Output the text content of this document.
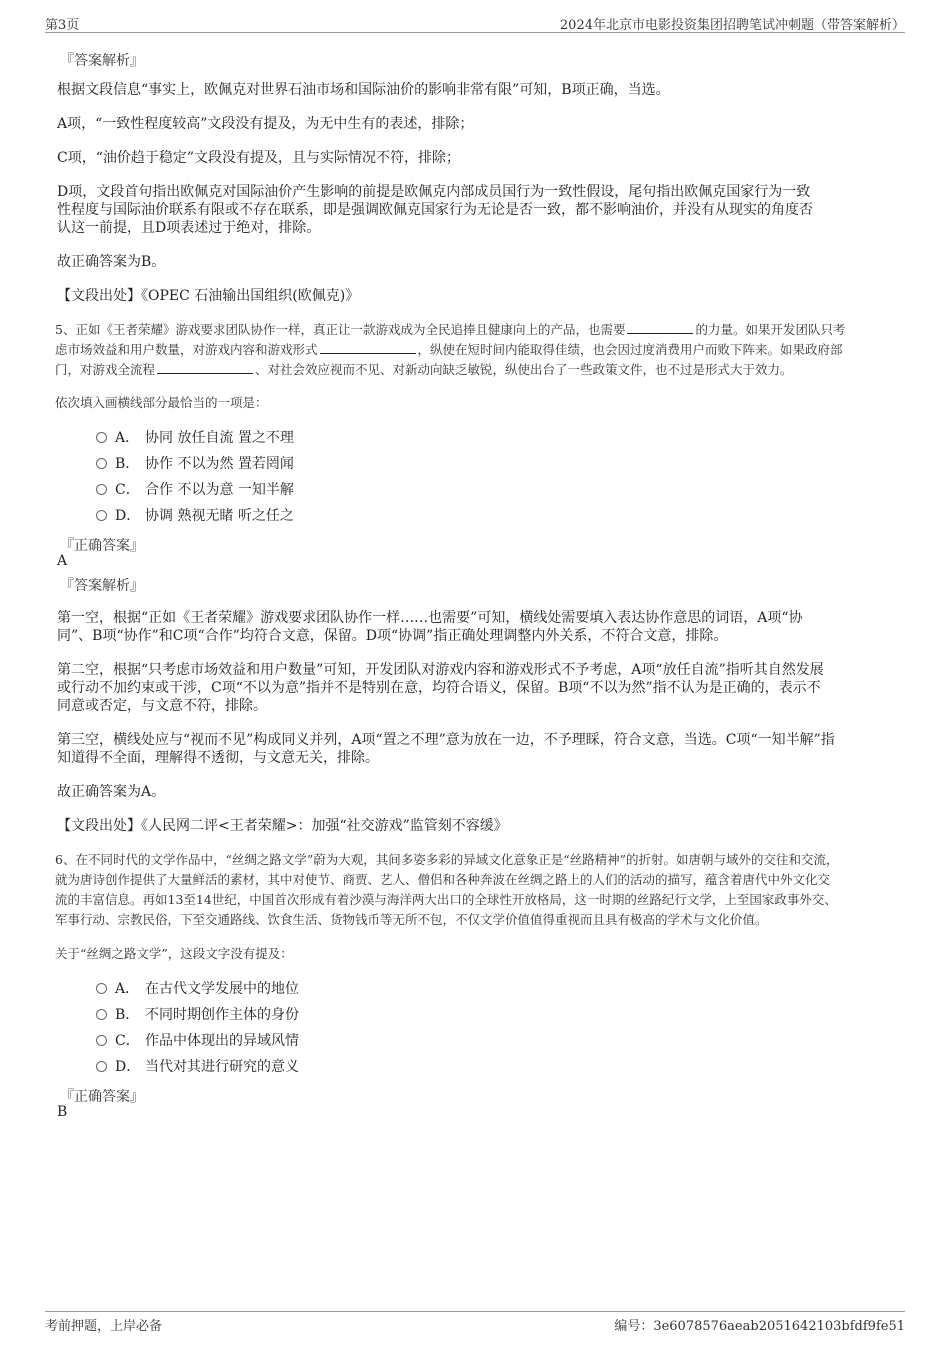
第3页	2024年北京市电影投资集团招聘笔试冲刺题（带答案解析）
『答案解析』
根据文段信息“事实上，欧佩克对世界石油市场和国际油价的影响非常有限”可知，B项正确，当选。
A项，“一致性程度较高”文段没有提及，为无中生有的表述，排除；
C项，“油价趋于稳定”文段没有提及，且与实际情况不符，排除；
D项，文段首句指出欧佩克对国际油价产生影响的前提是欧佩克内部成员国行为一致性假设，尾句指出欧佩克国家行为一致
性程度与国际油价联系有限或不存在联系，即是强调欧佩克国家行为无论是否一致，都不影响油价，并没有从现实的角度否
认这一前提，且D项表述过于绝对，排除。
故正确答案为B。
【文段出处】《OPEC 石油输出国组织(欧佩克)》
5、正如《王者荣耀》游戏要求团队协作一样，真正让一款游戏成为全民追捧且健康向上的产品，也需要	的力量。如果开发团队只考
虑市场效益和用户数量，对游戏内容和游戏形式	，纵使在短时间内能取得佳绩，也会因过度消费用户而败下阵来。如果政府部
门，对游戏全流程	、对社会效应视而不见、对新动向缺乏敏锐，纵使出台了一些政策文件，也不过是形式大于效力。
依次填入画横线部分最恰当的一项是：
A． 协同 放任自流 置之不理
B． 协作 不以为然 置若罔闻
C． 合作 不以为意 一知半解
D． 协调 熟视无睹 听之任之
『正确答案』
A
『答案解析』
第一空，根据“正如《王者荣耀》游戏要求团队协作一样……也需要”可知，横线处需要填入表达协作意思的词语，A项“协
同”、B项“协作”和C项“合作”均符合文意，保留。D项“协调”指正确处理调整内外关系，不符合文意，排除。
第二空，根据“只考虑市场效益和用户数量”可知，开发团队对游戏内容和游戏形式不予考虑，A项“放任自流”指听其自然发展
或行动不加约束或干涉，C项“不以为意”指并不是特别在意，均符合语义，保留。B项“不以为然”指不认为是正确的，表示不
同意或否定，与文意不符，排除。
第三空，横线处应与“视而不见”构成同义并列，A项“置之不理”意为放在一边，不予理睬，符合文意，当选。C项“一知半解”指
知道得不全面，理解得不透彻，与文意无关，排除。
故正确答案为A。
【文段出处】《人民网二评<王者荣耀>：加强“社交游戏”监管刻不容缓》
6、在不同时代的文学作品中，“丝绸之路文学”蔚为大观，其间多姿多彩的异域文化意象正是“丝路精神”的折射。如唐朝与域外的交往和交流，
就为唐诗创作提供了大量鲜活的素材，其中对使节、商贾、艺人、僧侣和各种奔波在丝绸之路上的人们的活动的描写，蕴含着唐代中外文化交
流的丰富信息。再如13至14世纪，中国首次形成有着沙漠与海洋两大出口的全球性开放格局，这一时期的丝路纪行文学，上至国家政事外交、
军事行动、宗教民俗，下至交通路线、饮食生活、货物钱币等无所不包，不仅文学价值值得重视而且具有极高的学术与文化价值。
关于“丝绸之路文学”，这段文字没有提及：
A． 在古代文学发展中的地位
B． 不同时期创作主体的身份
C． 作品中体现出的异域风情
D． 当代对其进行研究的意义
『正确答案』
B
考前押题，上岸必备	编号：3e6078576aeab2051642103bfdf9fe51
